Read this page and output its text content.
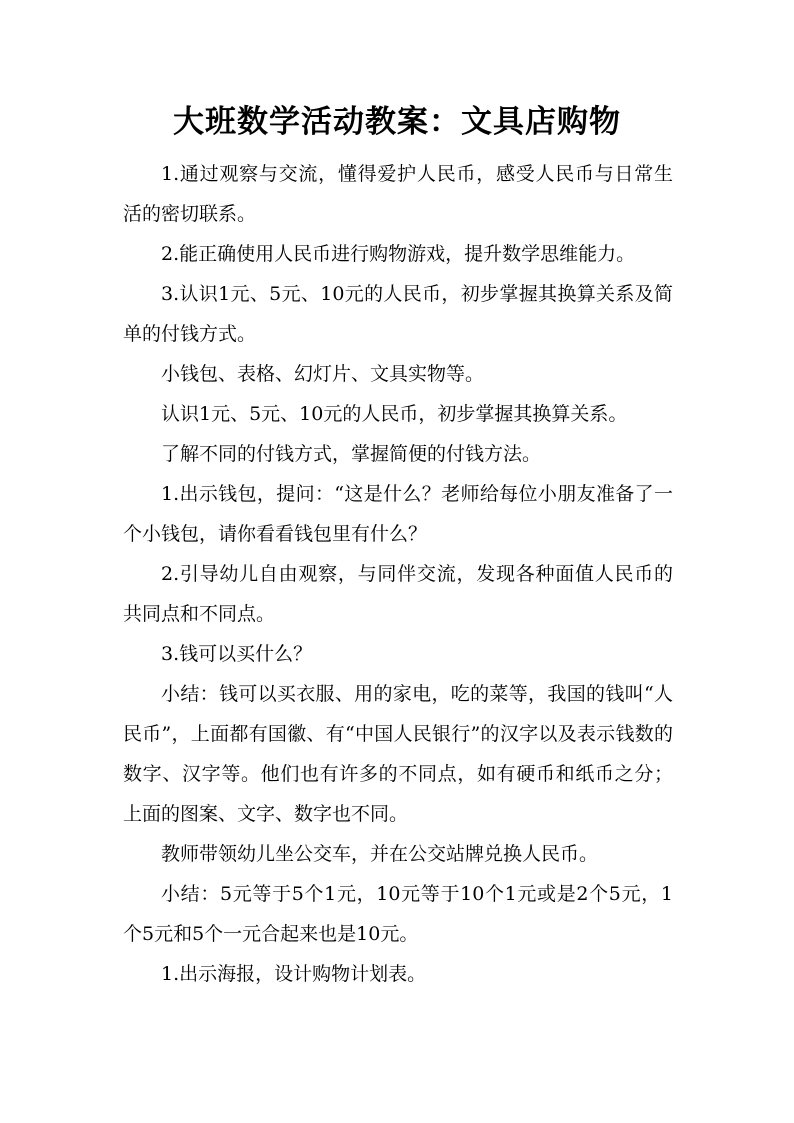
大班数学活动教案：文具店购物

1.通过观察与交流，懂得爱护人民币，感受人民币与日常生活的密切联系。

2.能正确使用人民币进行购物游戏，提升数学思维能力。

3.认识1元、5元、10元的人民币，初步掌握其换算关系及简单的付钱方式。

小钱包、表格、幻灯片、文具实物等。

认识1元、5元、10元的人民币，初步掌握其换算关系。

了解不同的付钱方式，掌握简便的付钱方法。

1.出示钱包，提问：“这是什么？老师给每位小朋友准备了一个小钱包，请你看看钱包里有什么？

2.引导幼儿自由观察，与同伴交流，发现各种面值人民币的共同点和不同点。

3.钱可以买什么？

小结：钱可以买衣服、用的家电，吃的菜等，我国的钱叫“人民币”，上面都有国徽、有“中国人民银行”的汉字以及表示钱数的数字、汉字等。他们也有许多的不同点，如有硬币和纸币之分；上面的图案、文字、数字也不同。

教师带领幼儿坐公交车，并在公交站牌兑换人民币。

小结：5元等于5个1元，10元等于10个1元或是2个5元，1个5元和5个一元合起来也是10元。

1.出示海报，设计购物计划表。
